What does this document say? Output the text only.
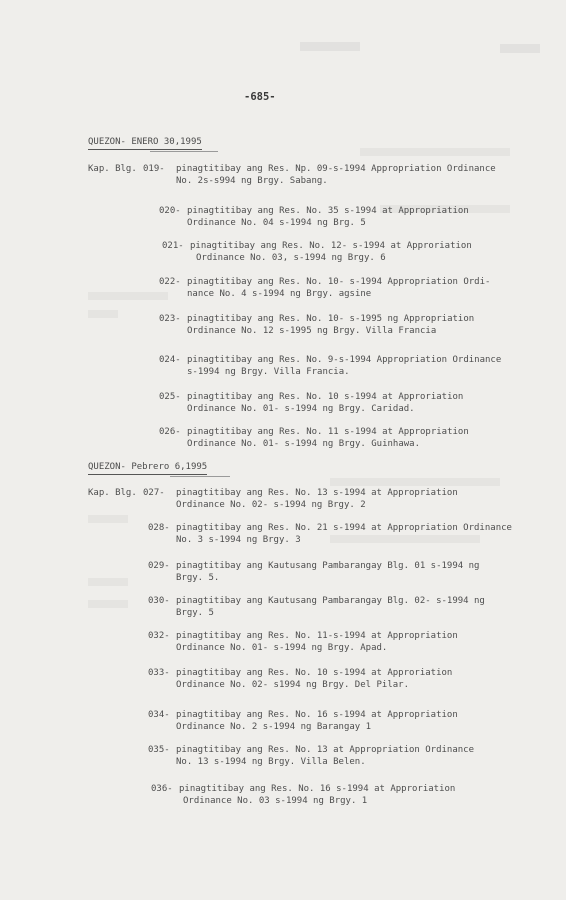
-685-
QUEZON- ENERO 30,1995
Kap. Blg. 019- pinagtitibay ang Res. Np. 09-s-1994 Appropriation Ordinance
No. 2s-s994 ng Brgy. Sabang.
020- pinagtitibay ang Res. No. 35 s-1994 at Appropriation
Ordinance No. 04 s-1994 ng Brg. 5
021- pinagtitibay ang Res. No. 12- s-1994 at Approriation
Ordinance No. 03, s-1994 ng Brgy. 6
022- pinagtitibay ang Res. No. 10- s-1994 Appropriation Ordi-
nance No. 4 s-1994 ng Brgy. agsine
023- pinagtitibay ang Res. No. 10- s-1995 ng Appropriation
Ordinance No. 12 s-1995 ng Brgy. Villa Francia
024- pinagtitibay ang Res. No. 9-s-1994 Appropriation Ordinance
s-1994 ng Brgy. Villa Francia.
025- pinagtitibay ang Res. No. 10 s-1994 at Approriation
Ordinance No. 01- s-1994 ng Brgy. Caridad.
026- pinagtitibay ang Res. No. 11 s-1994 at Appropriation
Ordinance No. 01- s-1994 ng Brgy. Guinhawa.
QUEZON- Pebrero 6,1995
Kap. Blg. 027- pinagtitibay ang Res. No. 13 s-1994 at Appropriation
Ordinance No. 02- s-1994 ng Brgy. 2
028- pinagtitibay ang Res. No. 21 s-1994 at Appropriation Ordinance
No. 3 s-1994 ng Brgy. 3
029- pinagtitibay ang Kautusang Pambarangay Blg. 01 s-1994 ng
Brgy. 5.
030- pinagtitibay ang Kautusang Pambarangay Blg. 02- s-1994 ng
Brgy. 5
032- pinagtitibay ang Res. No. 11-s-1994 at Appropriation
Ordinance No. 01- s-1994 ng Brgy. Apad.
033- pinagtitibay ang Res. No. 10 s-1994 at Approriation
Ordinance No. 02- s1994 ng Brgy. Del Pilar.
034- pinagtitibay ang Res. No. 16 s-1994 at Appropriation
Ordinance No. 2 s-1994 ng Barangay 1
035- pinagtitibay ang Res. No. 13 at Appropriation Ordinance
No. 13 s-1994 ng Brgy. Villa Belen.
036- pinagtitibay ang Res. No. 16 s-1994 at Approriation
Ordinance No. 03 s-1994 ng Brgy. 1
